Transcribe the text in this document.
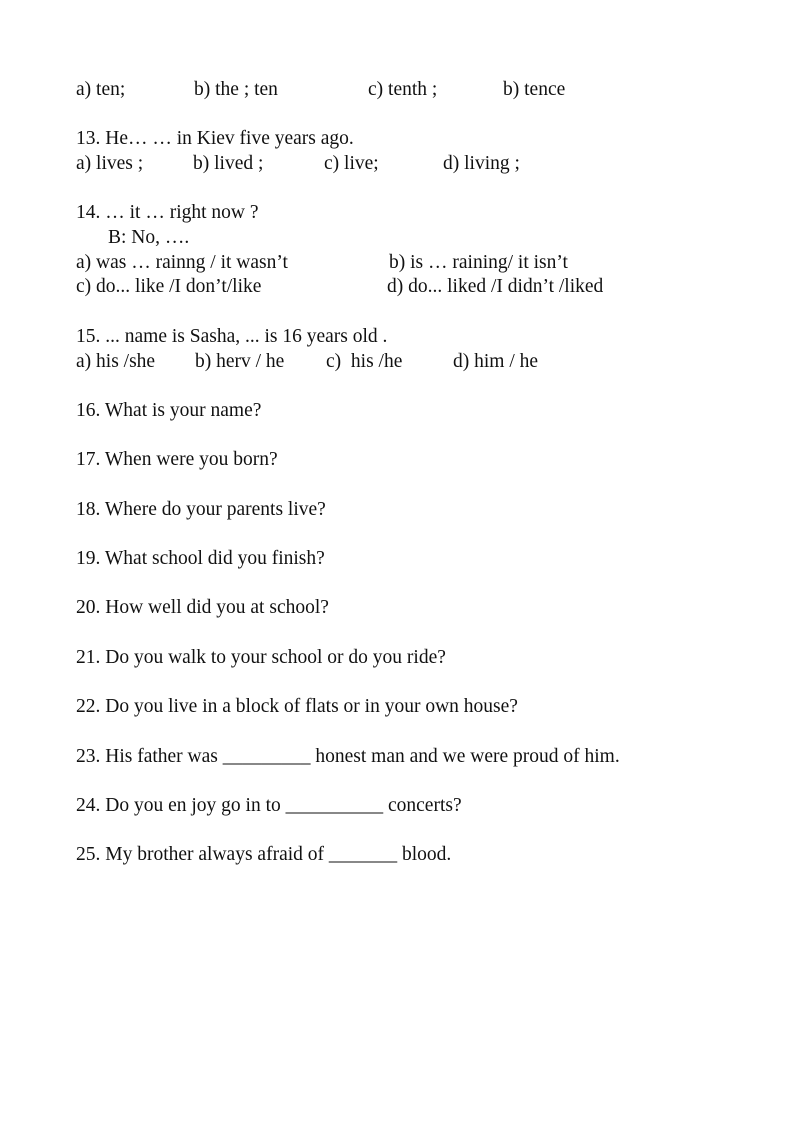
a) ten;	b) the ; ten	c) tenth ;	b) tence
13. He… … in Kiev five years ago.
a) lives ;	b) lived ;	c) live;	d) living ;
14. … it … right now ?
B: No, ….
a) was … rainng / it wasn’t	b) is … raining/ it isn’t
c) do... like /I don’t/like	d) do... liked /I didn’t /liked
15. ... name is Sasha, ... is 16 years old .
a) his /she b) herv / he c)  his /he	d) him / he
16. What is your name?
17. When were you born?
18. Where do your parents live?
19. What school did you finish?
20. How well did you at school?
21. Do you walk to your school or do you ride?
22. Do you live in a block of flats or in your own house?
23. His father was _________ honest man and we were proud of him.
24. Do you en joy go in to __________ concerts?
25. My brother always afraid of _______ blood.
